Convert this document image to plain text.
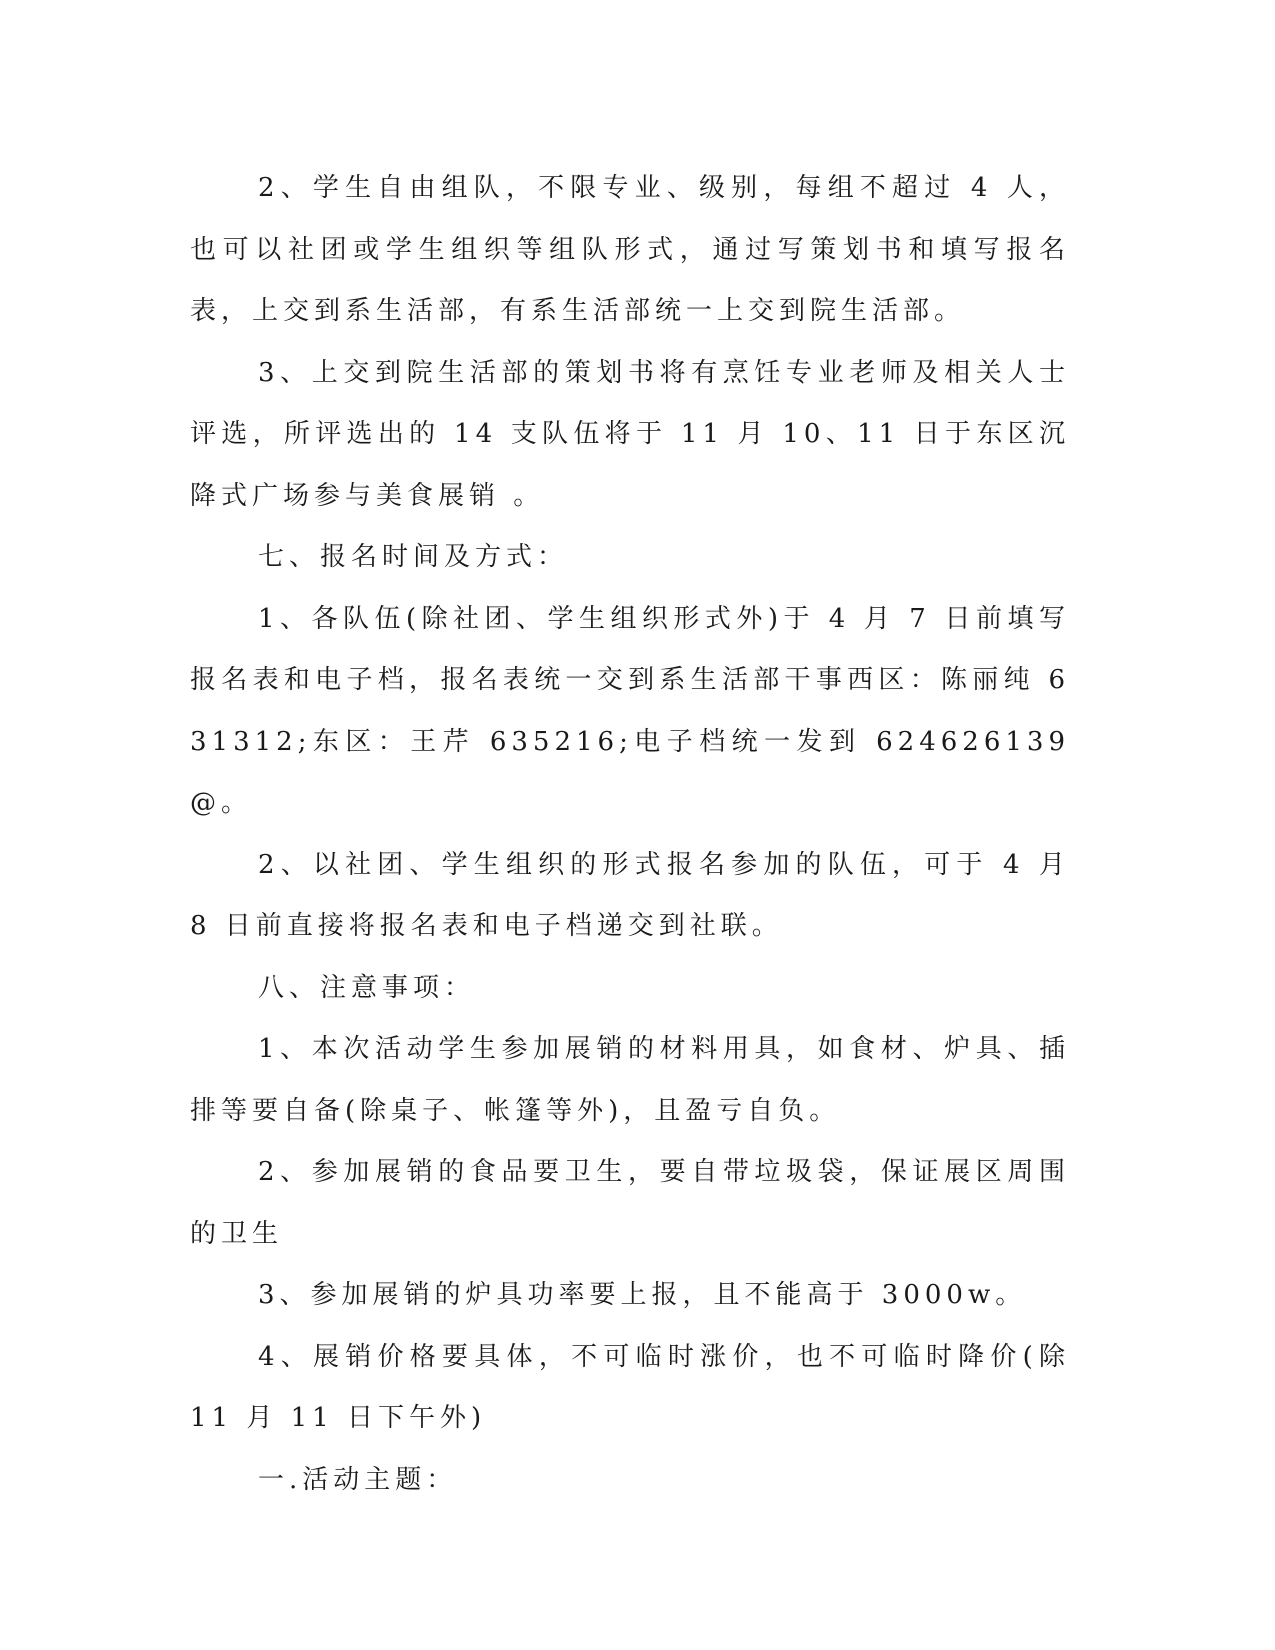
2、学生自由组队，不限专业、级别，每组不超过 4 人，也可以社团或学生组织等组队形式，通过写策划书和填写报名表，上交到系生活部，有系生活部统一上交到院生活部。

3、上交到院生活部的策划书将有烹饪专业老师及相关人士评选，所评选出的 14 支队伍将于 11 月 10、11 日于东区沉降式广场参与美食展销 。

七、报名时间及方式：

1、各队伍(除社团、学生组织形式外)于 4 月 7 日前填写报名表和电子档，报名表统一交到系生活部干事西区：陈丽纯 631312;东区：王芹 635216;电子档统一发到 624626139@。

2、以社团、学生组织的形式报名参加的队伍，可于 4 月 8 日前直接将报名表和电子档递交到社联。

八、注意事项：

1、本次活动学生参加展销的材料用具，如食材、炉具、插排等要自备(除桌子、帐篷等外)，且盈亏自负。

2、参加展销的食品要卫生，要自带垃圾袋，保证展区周围的卫生

3、参加展销的炉具功率要上报，且不能高于 3000w。

4、展销价格要具体，不可临时涨价，也不可临时降价(除 11 月 11 日下午外)

一.活动主题：
